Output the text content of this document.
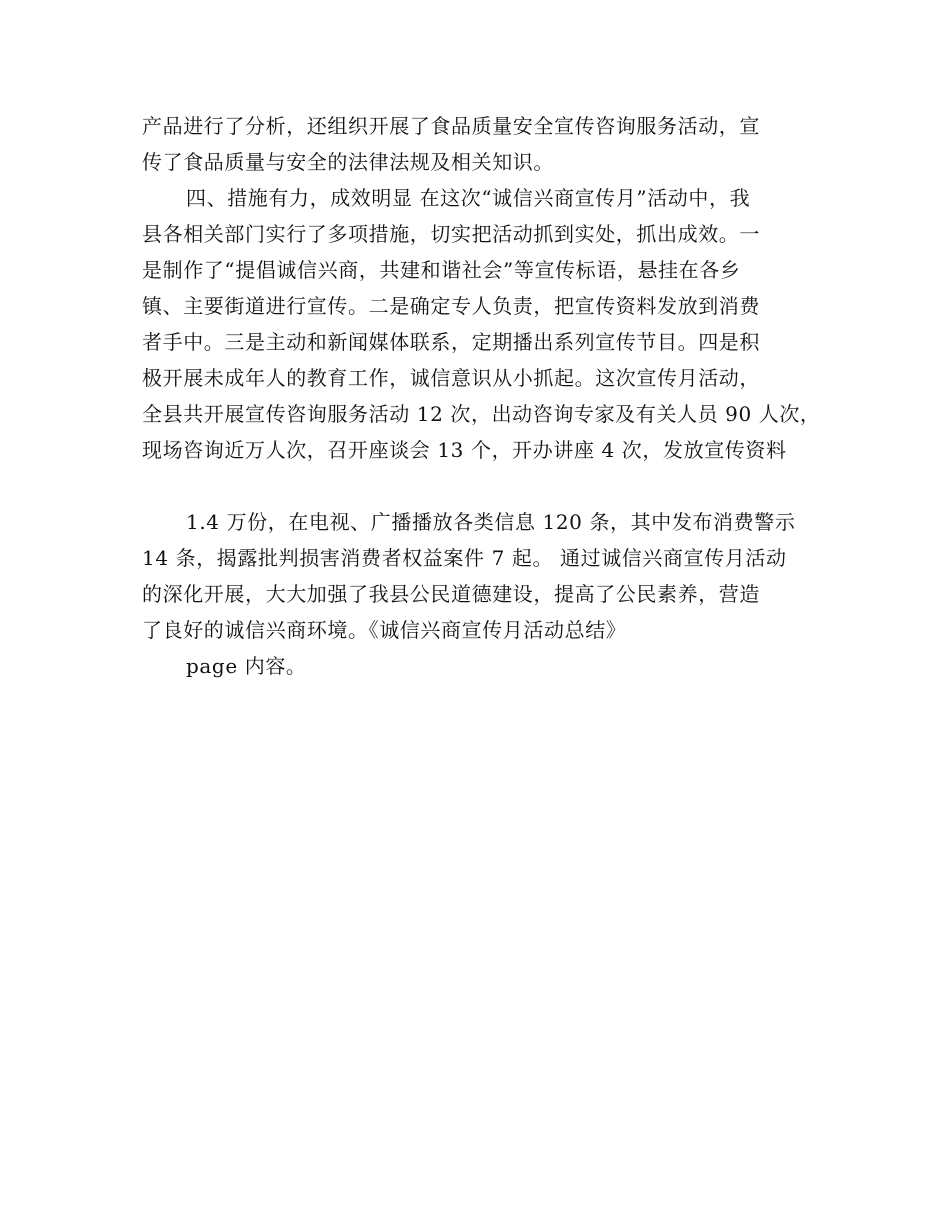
产品进行了分析，还组织开展了食品质量安全宣传咨询服务活动，宣
传了食品质量与安全的法律法规及相关知识。
四、措施有力，成效明显 在这次“诚信兴商宣传月”活动中，我
县各相关部门实行了多项措施，切实把活动抓到实处，抓出成效。一
是制作了“提倡诚信兴商，共建和谐社会”等宣传标语，悬挂在各乡
镇、主要街道进行宣传。二是确定专人负责，把宣传资料发放到消费
者手中。三是主动和新闻媒体联系，定期播出系列宣传节目。四是积
极开展未成年人的教育工作，诚信意识从小抓起。这次宣传月活动，
全县共开展宣传咨询服务活动 12 次，出动咨询专家及有关人员 90 人次，
现场咨询近万人次，召开座谈会 13 个，开办讲座 4 次，发放宣传资料
1.4 万份，在电视、广播播放各类信息 120 条，其中发布消费警示
14 条，揭露批判损害消费者权益案件 7 起。 通过诚信兴商宣传月活动
的深化开展，大大加强了我县公民道德建设，提高了公民素养，营造
了良好的诚信兴商环境。《诚信兴商宣传月活动总结》
page 内容。
